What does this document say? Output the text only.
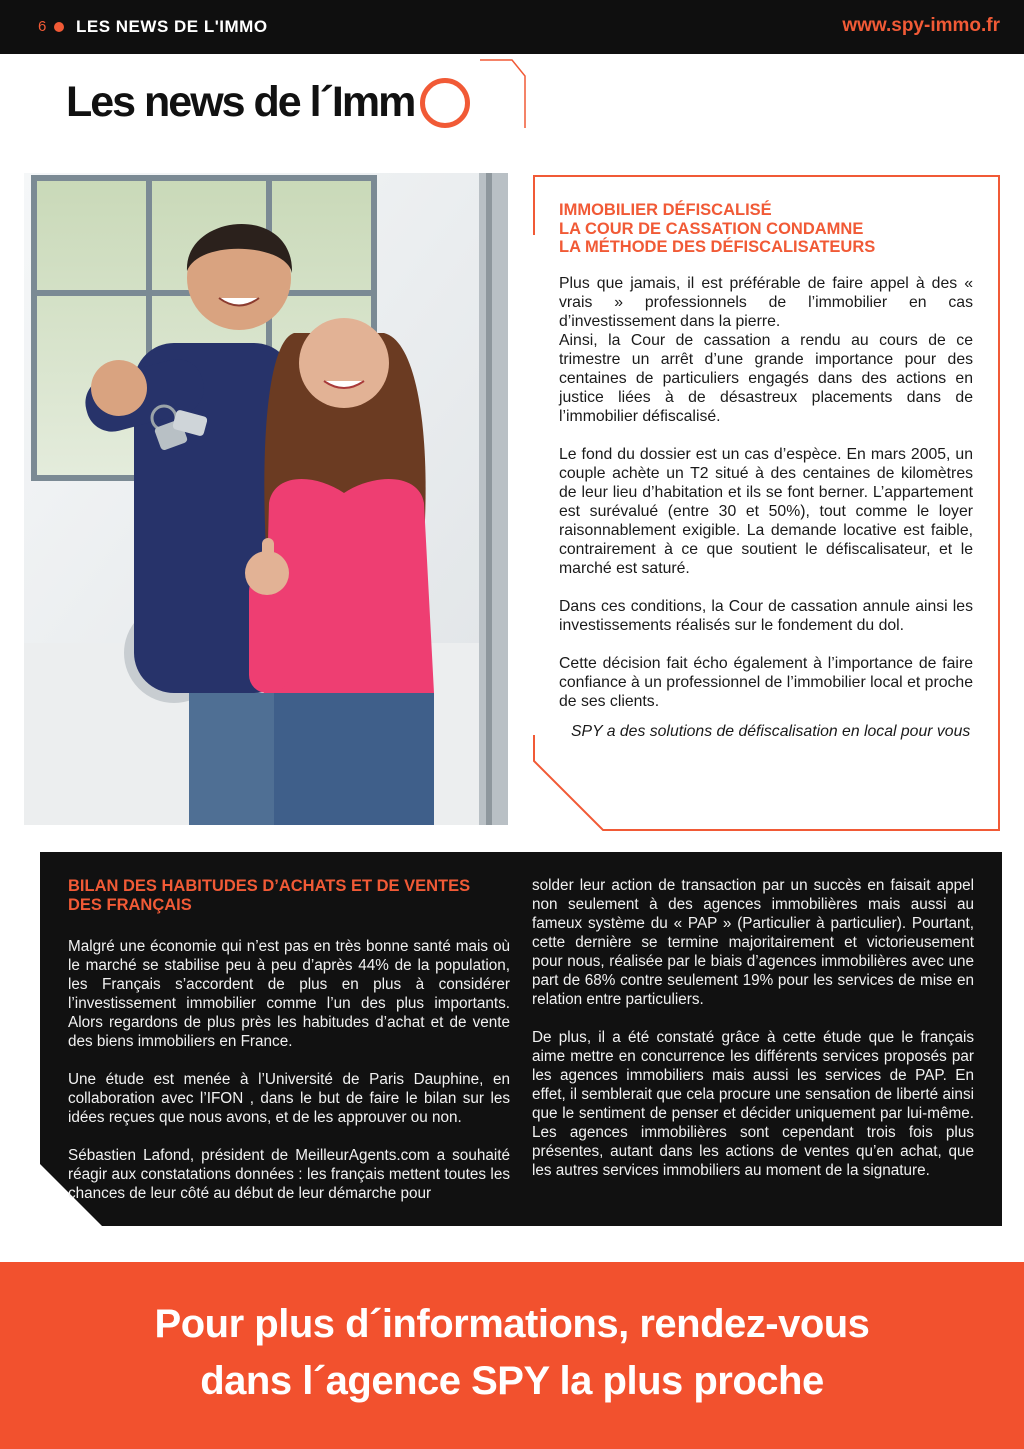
6 LES NEWS DE L'IMMO	www.spy-immo.fr
Les news de l´Imm
IMMOBILIER DÉFISCALISÉ
LA COUR DE CASSATION CONDAMNE
LA MÉTHODE DES DÉFISCALISATEURS

Plus que jamais, il est préférable de faire appel à des « vrais » professionnels de l’immobilier en cas d’investissement dans la pierre.
Ainsi, la Cour de cassation a rendu au cours de ce trimestre un arrêt d’une grande importance pour des centaines de particuliers engagés dans des actions en justice liées à de désastreux placements dans de l’immobilier défiscalisé.

Le fond du dossier est un cas d’espèce. En mars 2005, un couple achète un T2 situé à des centaines de kilomètres de leur lieu d’habitation et ils se font berner. L’appartement est surévalué (entre 30 et 50%), tout comme le loyer raisonnablement exigible. La demande locative est faible, contrairement à ce que soutient le défiscalisateur, et le marché est saturé.

Dans ces conditions, la Cour de cassation annule ainsi les investissements réalisés sur le fondement du dol.

Cette décision fait écho également à l’importance de faire confiance à un professionnel de l’immobilier local et proche de ses clients.

SPY a des solutions de défiscalisation en local pour vous

BILAN DES HABITUDES D’ACHATS ET DE VENTES
DES FRANÇAIS

Malgré une économie qui n’est pas en très bonne santé mais où le marché se stabilise peu à peu d’après 44% de la population, les Français s’accordent de plus en plus à considérer l’investissement immobilier comme l’un des plus importants. Alors regardons de plus près les habitudes d’achat et de vente des biens immobiliers en France.

Une étude est menée à l’Université de Paris Dauphine, en collaboration avec l’IFON , dans le but de faire le bilan sur les idées reçues que nous avons, et de les approuver ou non.

Sébastien Lafond, président de MeilleurAgents.com a souhaité réagir aux constatations données : les français mettent toutes les chances de leur côté au début de leur démarche pour

solder leur action de transaction par un succès en faisait appel non seulement à des agences immobilières mais aussi au fameux système du « PAP » (Particulier à particulier). Pourtant, cette dernière se termine majoritairement et victorieusement pour nous, réalisée par le biais d’agences immobilières avec une part de 68% contre seulement 19% pour les services de mise en relation entre particuliers.

De plus, il a été constaté grâce à cette étude que le français aime mettre en concurrence les différents services proposés par les agences immobiliers mais aussi les services de PAP. En effet, il semblerait que cela procure une sensation de liberté ainsi que le sentiment de penser et décider uniquement par lui-même. Les agences immobilières sont cependant trois fois plus présentes, autant dans les actions de ventes qu’en achat, que les autres services immobiliers au moment de la signature.

Pour plus d´informations, rendez-vous
dans l´agence SPY la plus proche
